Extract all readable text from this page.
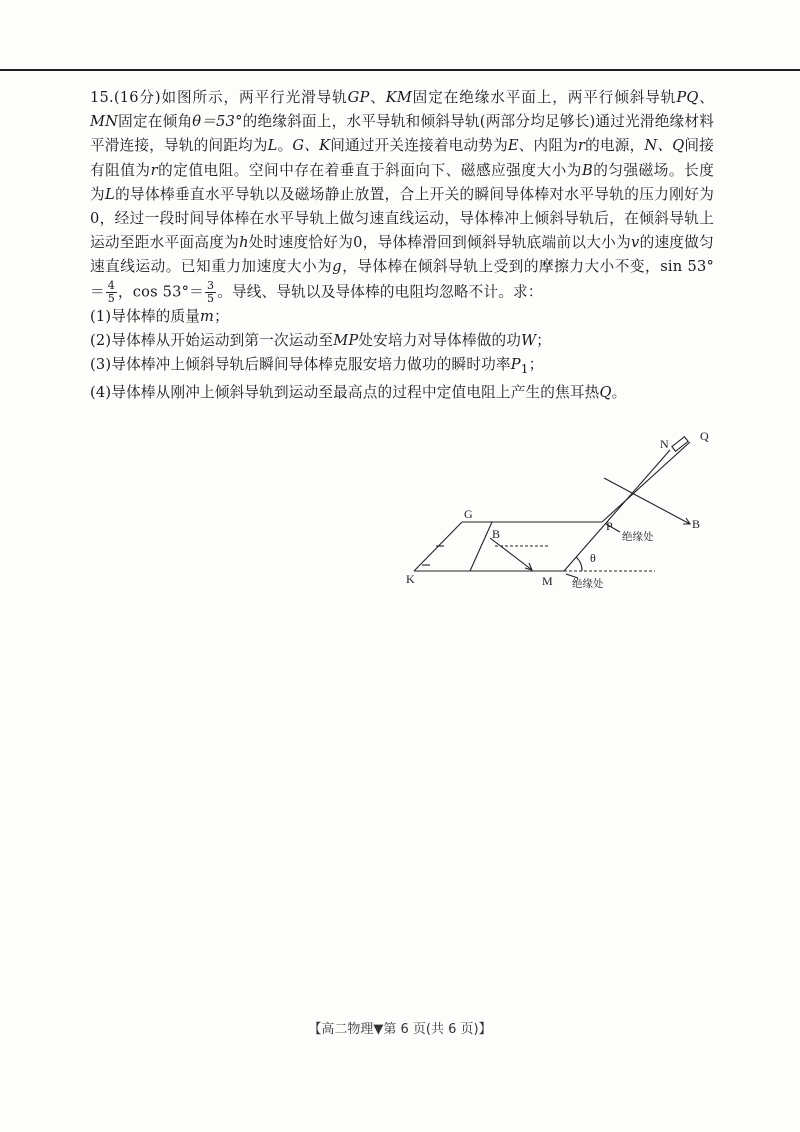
15.(16分)如图所示，两平行光滑导轨GP、KM固定在绝缘水平面上，两平行倾斜导轨PQ、MN固定在倾角θ＝53°的绝缘斜面上，水平导轨和倾斜导轨(两部分均足够长)通过光滑绝缘材料平滑连接，导轨的间距均为L。G、K间通过开关连接着电动势为E、内阻为r的电源，N、Q间接有阻值为r的定值电阻。空间中存在着垂直于斜面向下、磁感应强度大小为B的匀强磁场。长度为L的导体棒垂直水平导轨以及磁场静止放置，合上开关的瞬间导体棒对水平导轨的压力刚好为0，经过一段时间导体棒在水平导轨上做匀速直线运动，导体棒冲上倾斜导轨后，在倾斜导轨上运动至距水平面高度为h处时速度恰好为0，导体棒滑回到倾斜导轨底端前以大小为v的速度做匀速直线运动。已知重力加速度大小为g，导体棒在倾斜导轨上受到的摩擦力大小不变，$\sin 53^\circ= \frac{4}{5}$ ，$\cos 53^\circ= \frac{3}{5}$ 。导线、导轨以及导体棒的电阻均忽略不计。求：

(1)导体棒的质量m；

(2)导体棒从开始运动到第一次运动至MP处安培力对导体棒做的功W；

(3)导体棒冲上倾斜导轨后瞬间导体棒克服安培力做功的瞬时功率$P_1$；

(4)导体棒从刚冲上倾斜导轨到运动至最高点的过程中定值电阻上产生的焦耳热Q。

G
K	M
P
N
Q
B
B
θ
绝缘处
绝缘处
【高二物理▼第 6 页(共 6 页)】
